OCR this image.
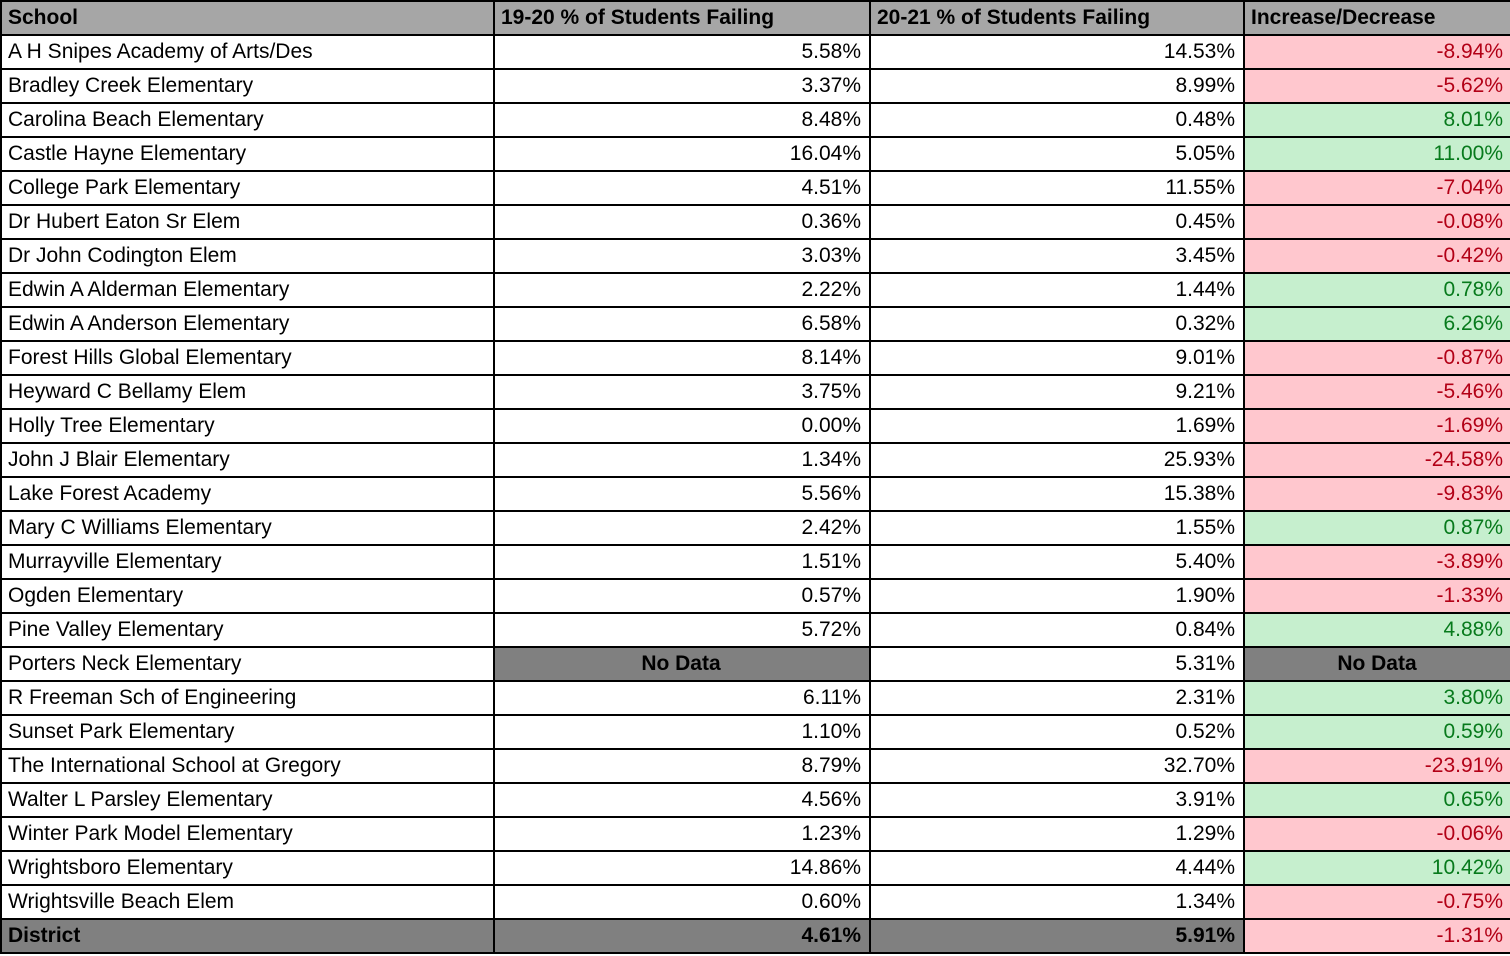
School	19-20 % of Students Failing	20-21 % of Students Failing	Increase/Decrease
A H Snipes Academy of Arts/Des	5.58%	14.53%	-8.94%
Bradley Creek Elementary	3.37%	8.99%	-5.62%
Carolina Beach Elementary	8.48%	0.48%	8.01%
Castle Hayne Elementary	16.04%	5.05%	11.00%
College Park Elementary	4.51%	11.55%	-7.04%
Dr Hubert Eaton Sr Elem	0.36%	0.45%	-0.08%
Dr John Codington Elem	3.03%	3.45%	-0.42%
Edwin A Alderman Elementary	2.22%	1.44%	0.78%
Edwin A Anderson Elementary	6.58%	0.32%	6.26%
Forest Hills Global Elementary	8.14%	9.01%	-0.87%
Heyward C Bellamy Elem	3.75%	9.21%	-5.46%
Holly Tree Elementary	0.00%	1.69%	-1.69%
John J Blair Elementary	1.34%	25.93%	-24.58%
Lake Forest Academy	5.56%	15.38%	-9.83%
Mary C Williams Elementary	2.42%	1.55%	0.87%
Murrayville Elementary	1.51%	5.40%	-3.89%
Ogden Elementary	0.57%	1.90%	-1.33%
Pine Valley Elementary	5.72%	0.84%	4.88%
Porters Neck Elementary	No Data	5.31%	No Data
R Freeman Sch of Engineering	6.11%	2.31%	3.80%
Sunset Park Elementary	1.10%	0.52%	0.59%
The International School at Gregory	8.79%	32.70%	-23.91%
Walter L Parsley Elementary	4.56%	3.91%	0.65%
Winter Park Model Elementary	1.23%	1.29%	-0.06%
Wrightsboro Elementary	14.86%	4.44%	10.42%
Wrightsville Beach Elem	0.60%	1.34%	-0.75%
District	4.61%	5.91%	-1.31%
